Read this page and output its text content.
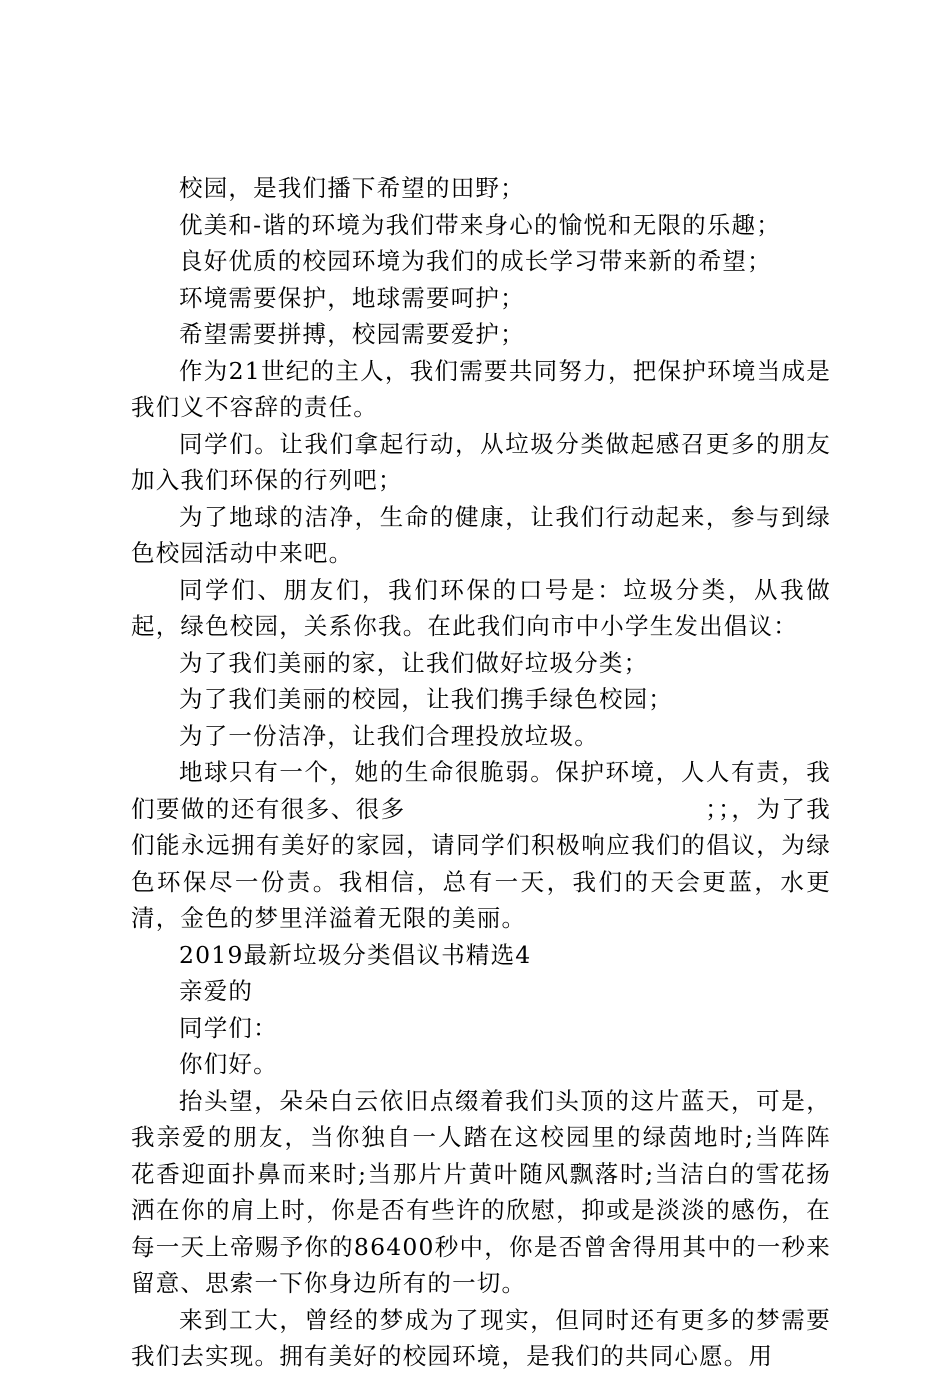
校园，是我们播下希望的田野；

优美和-谐的环境为我们带来身心的愉悦和无限的乐趣；

良好优质的校园环境为我们的成长学习带来新的希望；

环境需要保护，地球需要呵护；

希望需要拼搏，校园需要爱护；

作为21世纪的主人，我们需要共同努力，把保护环境当成是我们义不容辞的责任。

同学们。让我们拿起行动，从垃圾分类做起感召更多的朋友加入我们环保的行列吧；

为了地球的洁净，生命的健康，让我们行动起来，参与到绿色校园活动中来吧。

同学们、朋友们，我们环保的口号是：垃圾分类，从我做起，绿色校园，关系你我。在此我们向市中小学生发出倡议：

为了我们美丽的家，让我们做好垃圾分类；

为了我们美丽的校园，让我们携手绿色校园；

为了一份洁净，让我们合理投放垃圾。

地球只有一个，她的生命很脆弱。保护环境，人人有责，我们要做的还有很多、很多　　　　　　　　　　　　；；，为了我们能永远拥有美好的家园，请同学们积极响应我们的倡议，为绿色环保尽一份责。我相信，总有一天，我们的天会更蓝，水更清，金色的梦里洋溢着无限的美丽。

2019最新垃圾分类倡议书精选4

亲爱的

同学们：

你们好。

抬头望，朵朵白云依旧点缀着我们头顶的这片蓝天，可是，我亲爱的朋友，当你独自一人踏在这校园里的绿茵地时;当阵阵花香迎面扑鼻而来时;当那片片黄叶随风飘落时;当洁白的雪花扬洒在你的肩上时，你是否有些许的欣慰，抑或是淡淡的感伤，在每一天上帝赐予你的86400秒中，你是否曾舍得用其中的一秒来留意、思索一下你身边所有的一切。

来到工大，曾经的梦成为了现实，但同时还有更多的梦需要我们去实现。拥有美好的校园环境，是我们的共同心愿。用
